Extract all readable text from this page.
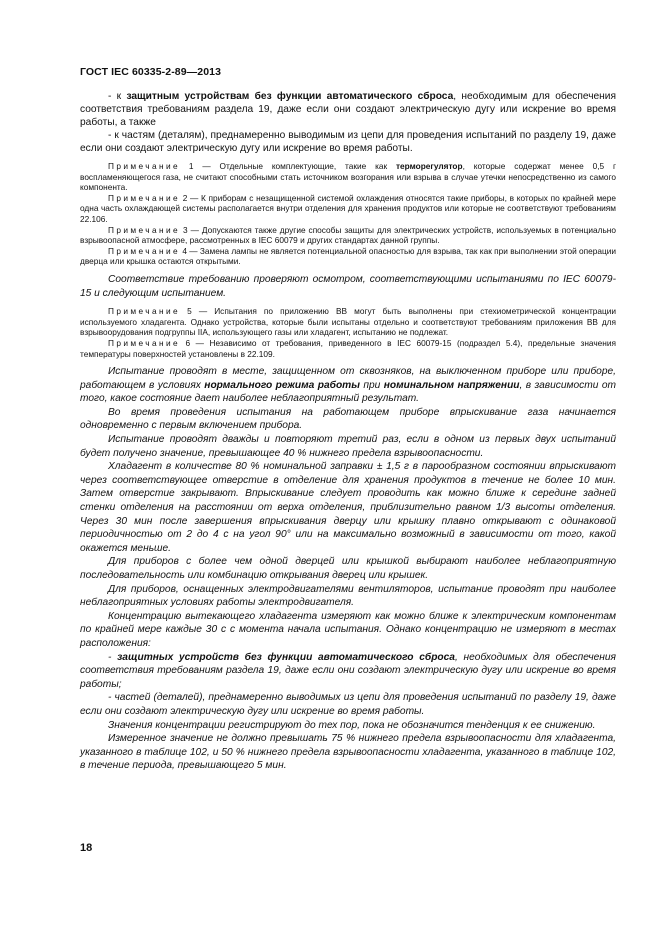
ГОСТ IEC 60335-2-89—2013

- к защитным устройствам без функции автоматического сброса, необходимым для обеспечения соответствия требованиям раздела 19, даже если они создают электрическую дугу или искрение во время работы, а также

- к частям (деталям), преднамеренно выводимым из цепи для проведения испытаний по разделу 19, даже если они создают электрическую дугу или искрение во время работы.

Примечание 1 — Отдельные комплектующие, такие как терморегулятор, которые содержат менее 0,5 г воспламеняющегося газа, не считают способными стать источником возгорания или взрыва в случае утечки непосредственно из самого компонента.

Примечание 2 — К приборам с незащищенной системой охлаждения относятся такие приборы, в которых по крайней мере одна часть охлаждающей системы располагается внутри отделения для хранения продуктов или которые не соответствуют требованиям 22.106.

Примечание 3 — Допускаются также другие способы защиты для электрических устройств, используемых в потенциально взрывоопасной атмосфере, рассмотренных в IEC 60079 и других стандартах данной группы.

Примечание 4 — Замена лампы не является потенциальной опасностью для взрыва, так как при выполнении этой операции дверца или крышка остаются открытыми.

Соответствие требованию проверяют осмотром, соответствующими испытаниями по IEC 60079-15 и следующим испытанием.

Примечание 5 — Испытания по приложению ВВ могут быть выполнены при стехиометрической концентрации используемого хладагента. Однако устройства, которые были испытаны отдельно и соответствуют требованиям приложения ВВ для взрывоорудования подгруппы IIA, использующего газы или хладагент, испытанию не подлежат.

Примечание 6 — Независимо от требования, приведенного в IEC 60079-15 (подраздел 5.4), предельные значения температуры поверхностей установлены в 22.109.

Испытание проводят в месте, защищенном от сквозняков, на выключенном приборе или приборе, работающем в условиях нормального режима работы при номинальном напряжении, в зависимости от того, какое состояние дает наиболее неблагоприятный результат.

Во время проведения испытания на работающем приборе впрыскивание газа начинается одновременно с первым включением прибора.

Испытание проводят дважды и повторяют третий раз, если в одном из первых двух испытаний будет получено значение, превышающее 40 % нижнего предела взрывоопасности.

Хладагент в количестве 80 % номинальной заправки ± 1,5 г в парообразном состоянии впрыскивают через соответствующее отверстие в отделение для хранения продуктов в течение не более 10 мин. Затем отверстие закрывают. Впрыскивание следует проводить как можно ближе к середине задней стенки отделения на расстоянии от верха отделения, приблизительно равном 1/3 высоты отделения. Через 30 мин после завершения впрыскивания дверцу или крышку плавно открывают с одинаковой периодичностью от 2 до 4 с на угол 90° или на максимально возможный в зависимости от того, какой окажется меньше.

Для приборов с более чем одной дверцей или крышкой выбирают наиболее неблагоприятную последовательность или комбинацию открывания дверец или крышек.

Для приборов, оснащенных электродвигателями вентиляторов, испытание проводят при наиболее неблагоприятных условиях работы электродвигателя.

Концентрацию вытекающего хладагента измеряют как можно ближе к электрическим компонентам по крайней мере каждые 30 с с момента начала испытания. Однако концентрацию не измеряют в местах расположения:

- защитных устройств без функции автоматического сброса, необходимых для обеспечения соответствия требованиям раздела 19, даже если они создают электрическую дугу или искрение во время работы;

- частей (деталей), преднамеренно выводимых из цепи для проведения испытаний по разделу 19, даже если они создают электрическую дугу или искрение во время работы.

Значения концентрации регистрируют до тех пор, пока не обозначится тенденция к ее снижению.

Измеренное значение не должно превышать 75 % нижнего предела взрывоопасности для хладагента, указанного в таблице 102, и 50 % нижнего предела взрывоопасности хладагента, указанного в таблице 102, в течение периода, превышающего 5 мин.

18
